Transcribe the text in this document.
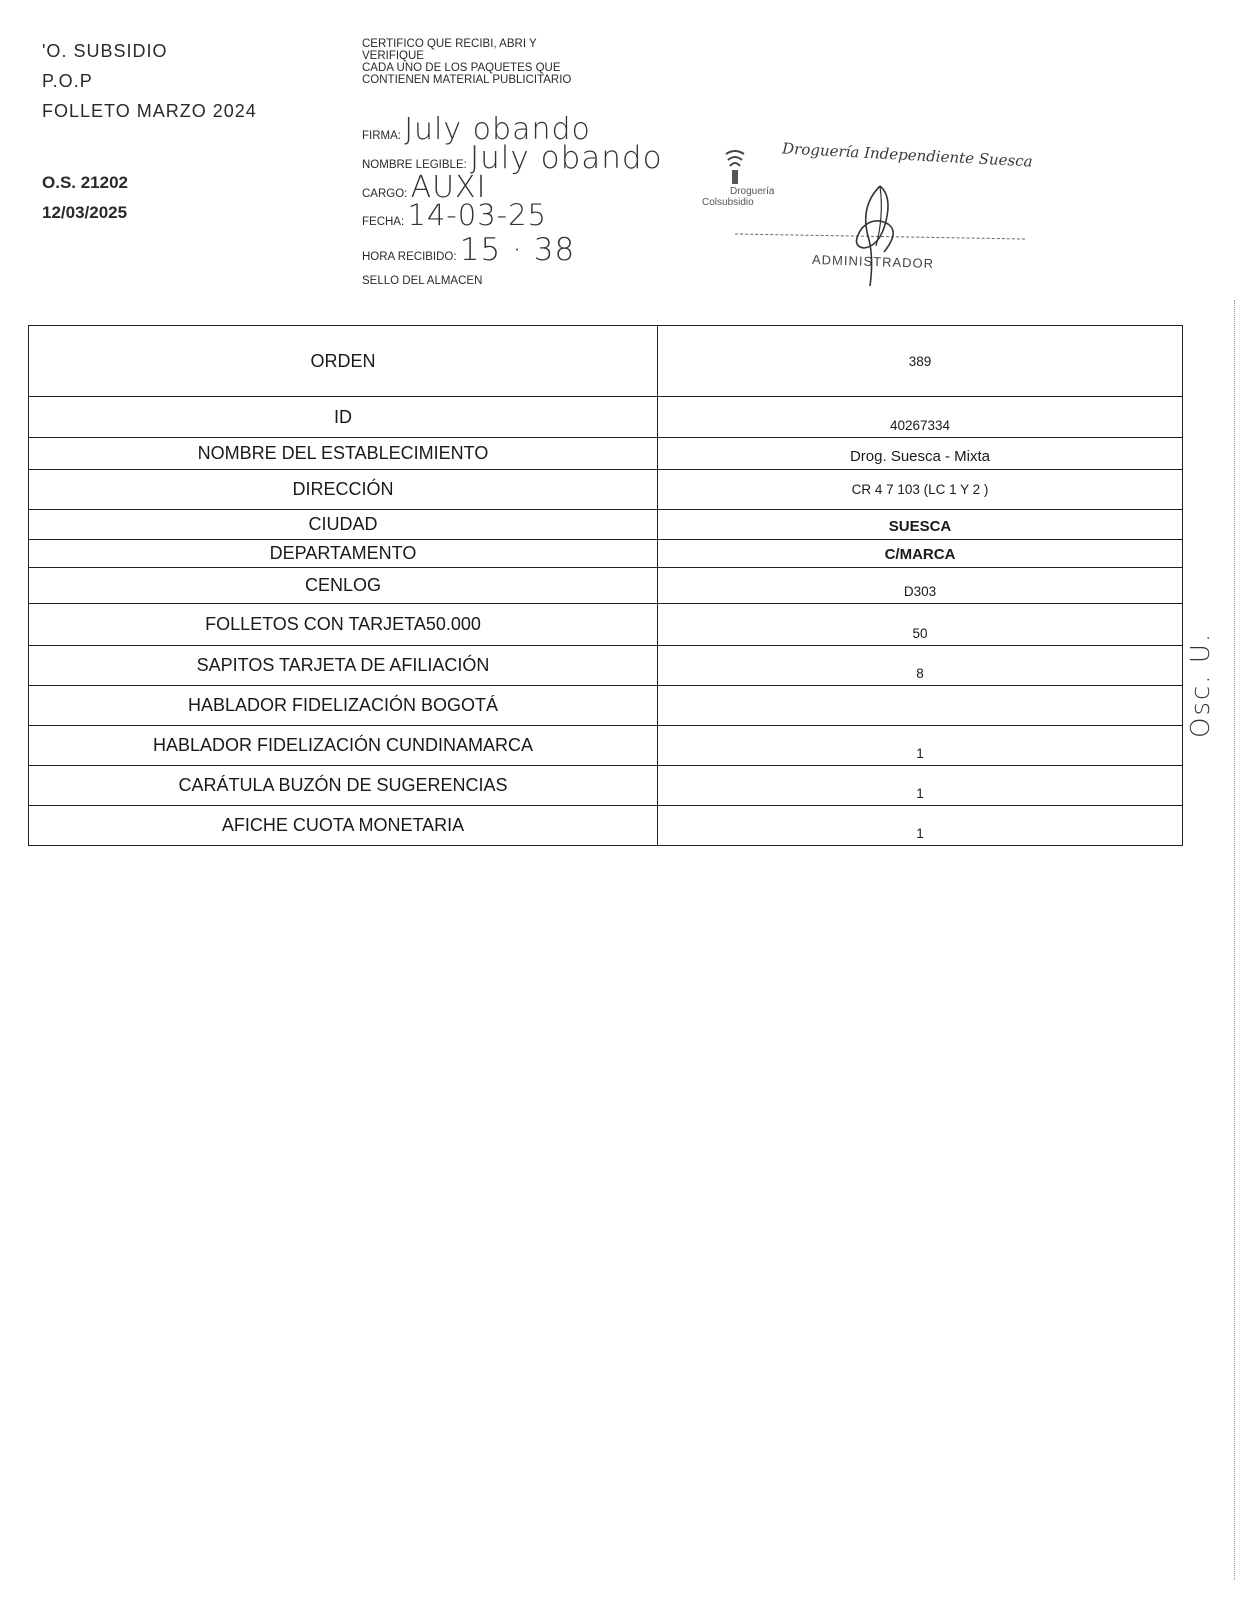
'O. SUBSIDIO
P.O.P
FOLLETO MARZO 2024
O.S. 21202
12/03/2025
CERTIFICO QUE RECIBI, ABRI Y
VERIFIQUE
CADA UNO DE LOS PAQUETES QUE
CONTIENEN MATERIAL PUBLICITARIO
FIRMA: July obando
NOMBRE LEGIBLE: July obando
CARGO: AUXI
FECHA: 14-03-25
HORA RECIBIDO: 15 · 38
SELLO DEL ALMACEN
Droguería Independiente Suesca
Droguería
Colsubsidio
ADMINISTRADOR
ORDEN	389
ID	40267334
NOMBRE DEL ESTABLECIMIENTO	Drog. Suesca - Mixta
DIRECCIÓN	CR 4 7 103 (LC 1 Y 2 )
CIUDAD	SUESCA
DEPARTAMENTO	C/MARCA
CENLOG	D303
FOLLETOS CON TARJETA50.000	50
SAPITOS TARJETA DE AFILIACIÓN	8
HABLADOR FIDELIZACIÓN BOGOTÁ	
HABLADOR FIDELIZACIÓN CUNDINAMARCA	1
CARÁTULA BUZÓN DE SUGERENCIAS	1
AFICHE CUOTA MONETARIA	1
Osc. U.
